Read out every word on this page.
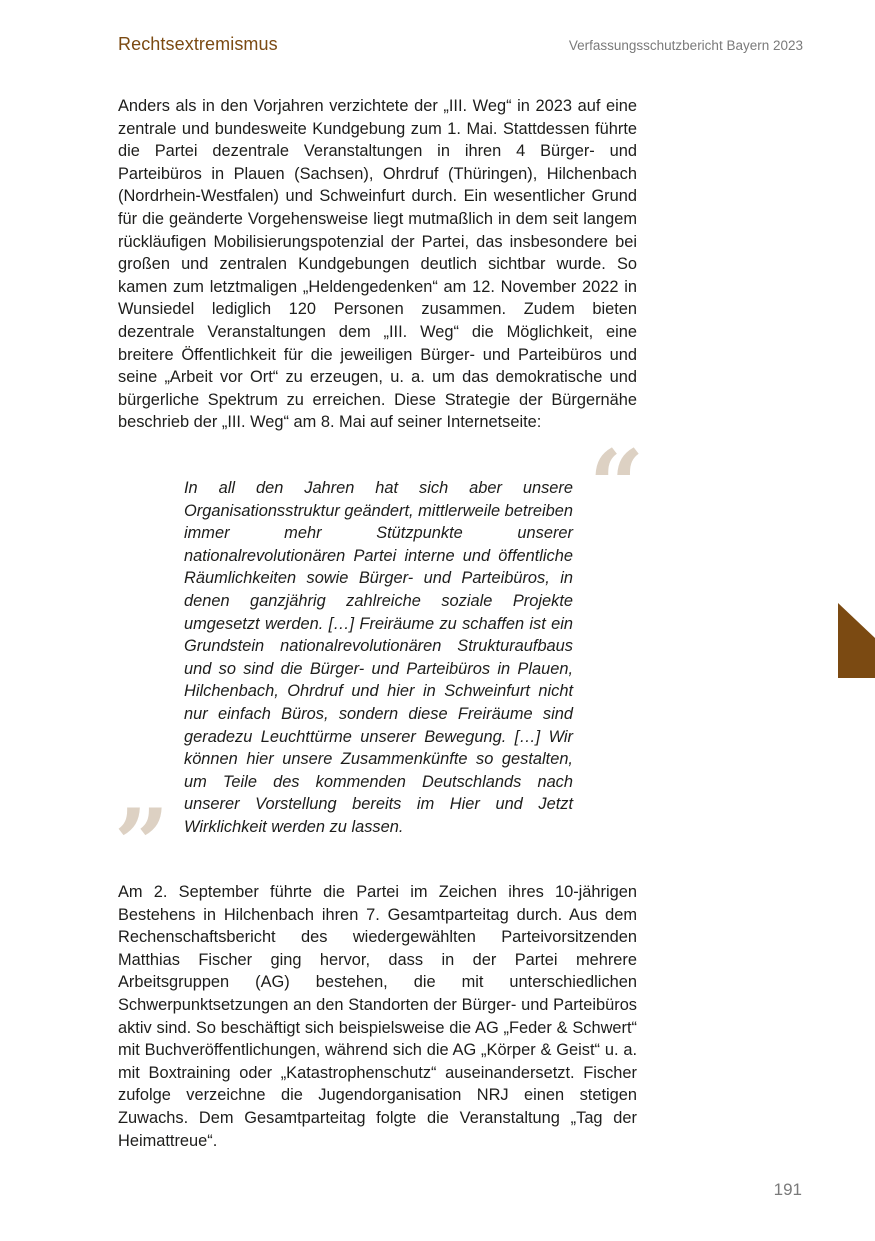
Rechtsextremismus	Verfassungsschutzbericht Bayern 2023

Anders als in den Vorjahren verzichtete der „III. Weg“ in 2023 auf eine zentrale und bundesweite Kundgebung zum 1. Mai. Stattdessen führte die Partei dezentrale Veranstaltungen in ihren 4 Bürger- und Parteibüros in Plauen (Sachsen), Ohrdruf (Thüringen), Hilchenbach (Nordrhein-Westfalen) und Schweinfurt durch. Ein wesentlicher Grund für die geänderte Vorgehensweise liegt mutmaßlich in dem seit langem rückläufigen Mobilisierungspotenzial der Partei, das insbesondere bei großen und zentralen Kundgebungen deutlich sichtbar wurde. So kamen zum letztmaligen „Heldengedenken“ am 12. November 2022 in Wunsiedel lediglich 120 Personen zusammen. Zudem bieten dezentrale Veranstaltungen dem „III. Weg“ die Möglichkeit, eine breitere Öffentlichkeit für die jeweiligen Bürger- und Parteibüros und seine „Arbeit vor Ort“ zu erzeugen, u. a. um das demokratische und bürgerliche Spektrum zu erreichen. Diese Strategie der Bürgernähe beschrieb der „III. Weg“ am 8. Mai auf seiner Internetseite:

“

In all den Jahren hat sich aber unsere Organisationsstruktur geändert, mittlerweile betreiben immer mehr Stützpunkte unserer nationalrevolutionären Partei interne und öffentliche Räumlichkeiten sowie Bürger- und Parteibüros, in denen ganzjährig zahlreiche soziale Projekte umgesetzt werden. […] Freiräume zu schaffen ist ein Grundstein nationalrevolutionären Strukturaufbaus und so sind die Bürger- und Parteibüros in Plauen, Hilchenbach, Ohrdruf und hier in Schweinfurt nicht nur einfach Büros, sondern diese Freiräume sind geradezu Leuchttürme unserer Bewegung. […] Wir können hier unsere Zusammenkünfte so gestalten, um Teile des kommenden Deutschlands nach unserer Vorstellung bereits im Hier und Jetzt Wirklichkeit werden zu lassen.

”

Am 2. September führte die Partei im Zeichen ihres 10-jährigen Bestehens in Hilchenbach ihren 7. Gesamtparteitag durch. Aus dem Rechenschaftsbericht des wiedergewählten Parteivorsitzenden Matthias Fischer ging hervor, dass in der Partei mehrere Arbeitsgruppen (AG) bestehen, die mit unterschiedlichen Schwerpunktsetzungen an den Standorten der Bürger- und Parteibüros aktiv sind. So beschäftigt sich beispielsweise die AG „Feder & Schwert“ mit Buchveröffentlichungen, während sich die AG „Körper & Geist“ u. a. mit Boxtraining oder „Katastrophenschutz“ auseinandersetzt. Fischer zufolge verzeichne die Jugendorganisation NRJ einen stetigen Zuwachs. Dem Gesamtparteitag folgte die Veranstaltung „Tag der Heimattreue“.

191
